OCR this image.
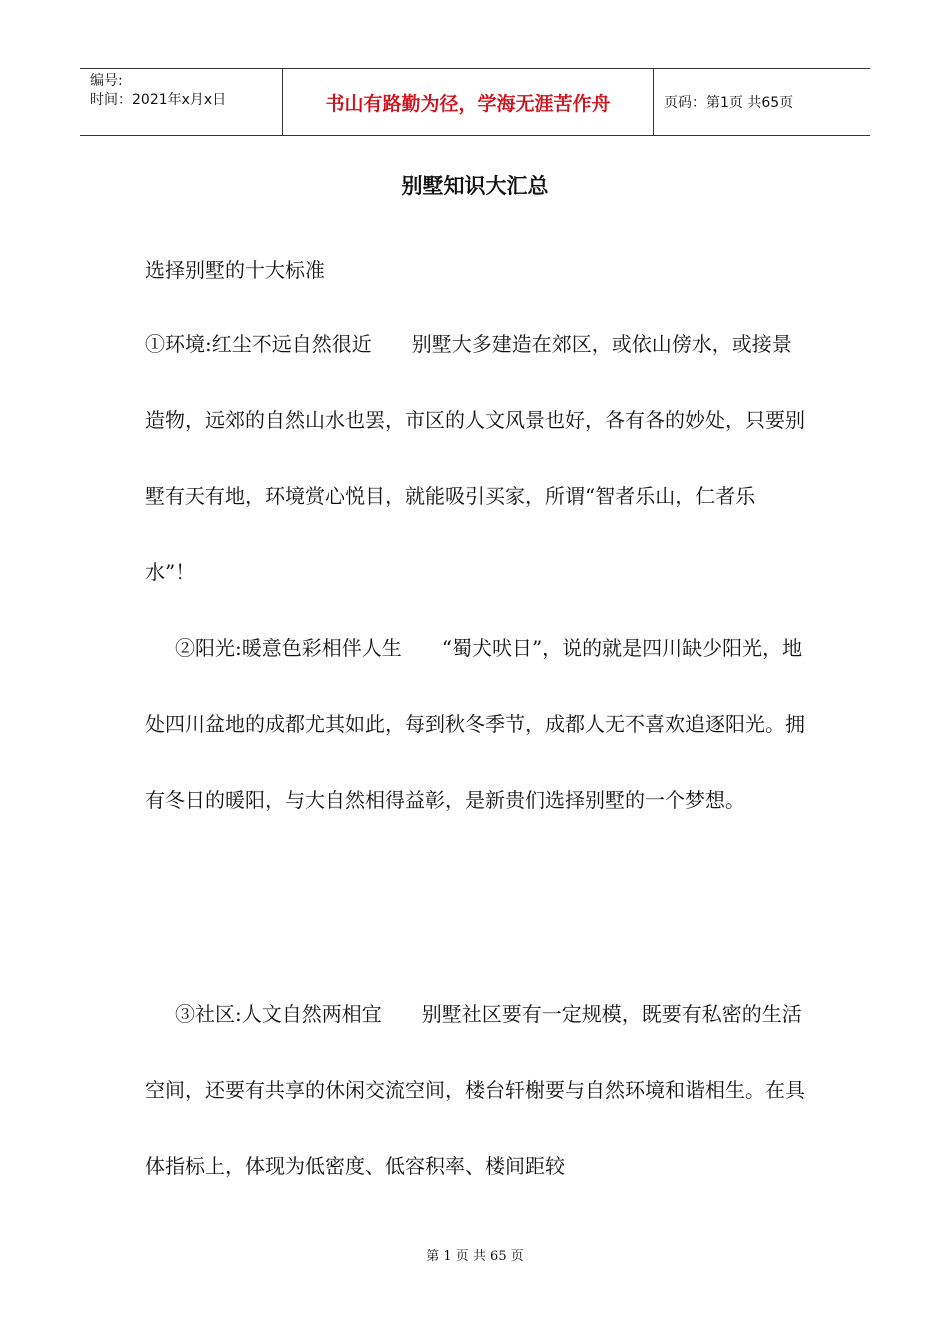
编号:
时间：2021年x月x日	书山有路勤为径，学海无涯苦作舟	页码：第1页 共65页
别墅知识大汇总

选择别墅的十大标准

①环境:红尘不远自然很近　　别墅大多建造在郊区，或依山傍水，或接景造物，远郊的自然山水也罢，市区的人文风景也好，各有各的妙处，只要别墅有天有地，环境赏心悦目，就能吸引买家，所谓“智者乐山，仁者乐水”！

②阳光:暖意色彩相伴人生　　“蜀犬吠日”，说的就是四川缺少阳光，地处四川盆地的成都尤其如此，每到秋冬季节，成都人无不喜欢追逐阳光。拥有冬日的暖阳，与大自然相得益彰，是新贵们选择别墅的一个梦想。

③社区:人文自然两相宜　　别墅社区要有一定规模，既要有私密的生活空间，还要有共享的休闲交流空间，楼台轩榭要与自然环境和谐相生。在具体指标上，体现为低密度、低容积率、楼间距较

第 1 页 共 65 页
